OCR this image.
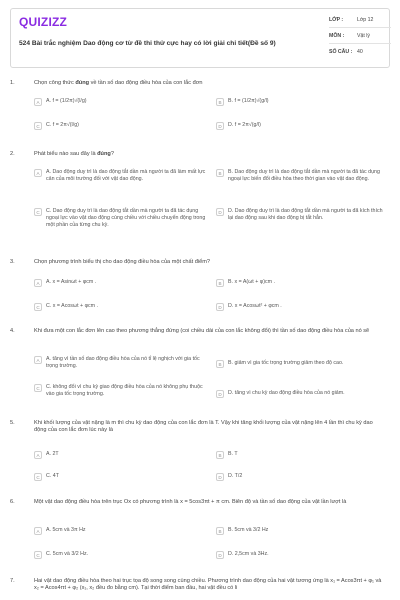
QUIZIZZ
524 Bài trắc nghiệm Dao động cơ từ đề thi thử cực hay có lời giải chi tiết(Đề số 9)
LỚP :	Lớp 12
MÔN : Vật lý
SỐ CÂU : 40
1.	Chọn công thức đúng về tần số dao động điều hòa của con lắc đơn
A	A. f = (1/2π)√(l/g)	B	B. f = (1/2π)√(g/l)
C	C. f = 2π√(l/g)	D	D. f = 2π√(g/l)
2.	Phát biểu nào sau đây là đúng?
A	A. Dao động duy trì là dao động tắt dần mà người ta đã làm mất lực cản của môi trường đối với vật dao động.
B	B. Dao động duy trì là dao động tắt dần mà người ta đã tác dụng ngoại lực biến đổi điều hòa theo thời gian vào vật dao động.
C	C. Dao động duy trì là dao động tắt dần mà người ta đã tác dụng ngoại lực vào vật dao động cùng chiều với chiều chuyển động trong một phần của từng chu kỳ.
D	D. Dao động duy trì là dao động tắt dần mà người ta đã kích thích lại dao động sau khi dao động bị tắt hẳn.
3.	Chọn phương trình biểu thị cho dao động điều hòa của một chất điểm?
A	A. x = Asinωt + φcm .	B	B. x = A(ωt + φ)cm .
C	C. x = Acosωt + φcm .	D	D. x = Acosωt² + φcm .
4.	Khi đưa một con lắc đơn lên cao theo phương thẳng đứng (coi chiều dài của con lắc không đổi) thì tần số dao động điều hòa của nó sẽ
A	A. tăng vì tần số dao động điều hòa của nó tỉ lệ nghịch với gia tốc trọng trường.	B	B. giảm vì gia tốc trọng trường giảm theo độ cao.
C	C. không đổi vì chu kỳ giao động điều hòa của nó không phụ thuộc vào gia tốc trọng trường.	D	D. tăng vì chu kỳ dao động điều hòa của nó giảm.
5.	Khi khối lượng của vật nặng là m thì chu kỳ dao động của con lắc đơn là T. Vậy khi tăng khối lượng của vật nặng lên 4 lần thì chu kỳ dao động của con lắc đơn lúc này là
A	A. 2T	B	B. T
C	C. 4T	D	D. T/2
6.	Một vật dao động điều hòa trên trục Ox có phương trình là x = 5cos3πt + π cm. Biên độ và tần số dao động của vật lần lượt là
A	A. 5cm và 3π Hz	B	B. 5cm và 3/2 Hz
C	C. 5cm và 3/2 Hz.	D	D. 2,5cm và 3Hz.
7.	Hai vật dao động điều hòa theo hai trục tọa độ song song cùng chiều. Phương trình dao động của hai vật tương ứng là x₁ = Acos3πt + φ₁ và x₂ = Acos4πt + φ₂ (x₁, x₂ đều đo bằng cm). Tại thời điểm ban đầu, hai vật đều có li
